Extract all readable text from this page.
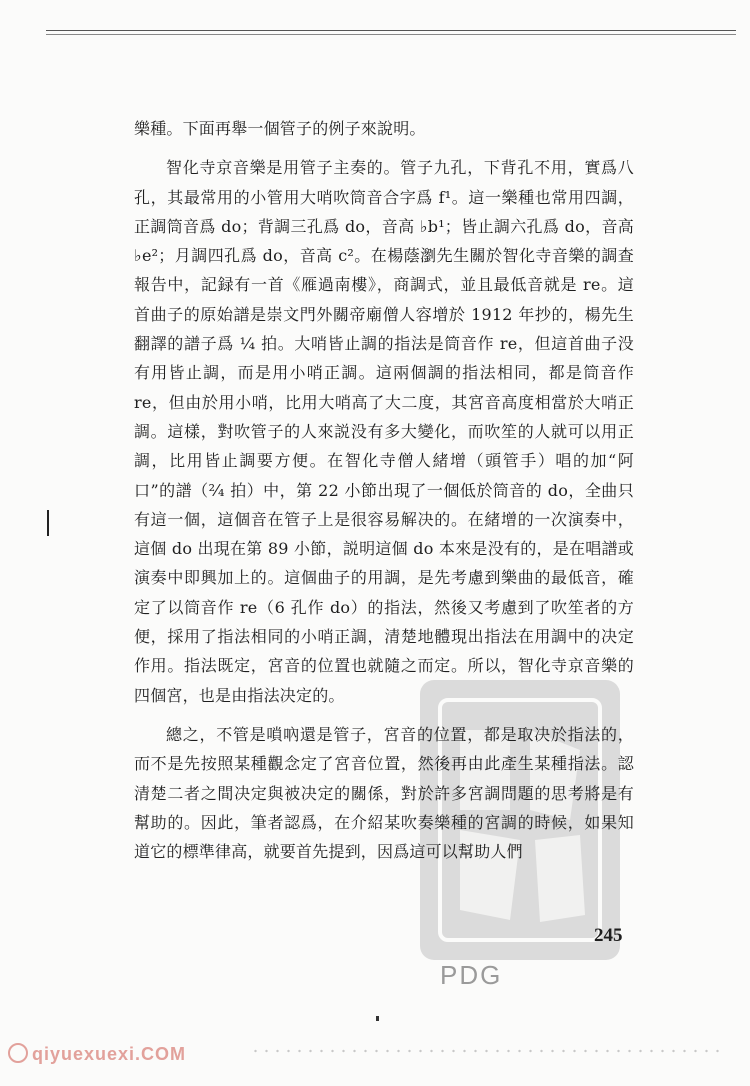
PDG

樂種。下面再舉一個管子的例子來說明。

智化寺京音樂是用管子主奏的。管子九孔，下背孔不用，實爲八孔，其最常用的小管用大哨吹筒音合字爲 f¹。這一樂種也常用四調，正調筒音爲 do；背調三孔爲 do，音高 ♭b¹；皆止調六孔爲 do，音高 ♭e²；月調四孔爲 do，音高 c²。在楊蔭瀏先生關於智化寺音樂的調查報告中，記録有一首《雁過南樓》，商調式，並且最低音就是 re。這首曲子的原始譜是崇文門外關帝廟僧人容增於 1912 年抄的，楊先生翻譯的譜子爲 ¼ 拍。大哨皆止調的指法是筒音作 re，但這首曲子没有用皆止調，而是用小哨正調。這兩個調的指法相同，都是筒音作 re，但由於用小哨，比用大哨高了大二度，其宮音高度相當於大哨正調。這樣，對吹管子的人來説没有多大變化，而吹笙的人就可以用正調，比用皆止調要方便。在智化寺僧人緒增（頭管手）唱的加“阿口”的譜（²⁄₄ 拍）中，第 22 小節出現了一個低於筒音的 do，全曲只有這一個，這個音在管子上是很容易解决的。在緒增的一次演奏中，這個 do 出現在第 89 小節，説明這個 do 本來是没有的，是在唱譜或演奏中即興加上的。這個曲子的用調，是先考慮到樂曲的最低音，確定了以筒音作 re（6 孔作 do）的指法，然後又考慮到了吹笙者的方便，採用了指法相同的小哨正調，清楚地體現出指法在用調中的决定作用。指法既定，宮音的位置也就隨之而定。所以，智化寺京音樂的四個宮，也是由指法决定的。

總之，不管是嗩吶還是管子，宮音的位置，都是取决於指法的，而不是先按照某種觀念定了宮音位置，然後再由此產生某種指法。認清楚二者之間决定與被决定的關係，對於許多宮調問題的思考將是有幫助的。因此，筆者認爲，在介紹某吹奏樂種的宮調的時候，如果知道它的標準律高，就要首先提到，因爲這可以幫助人們

245
qiyuexuexi.COM
